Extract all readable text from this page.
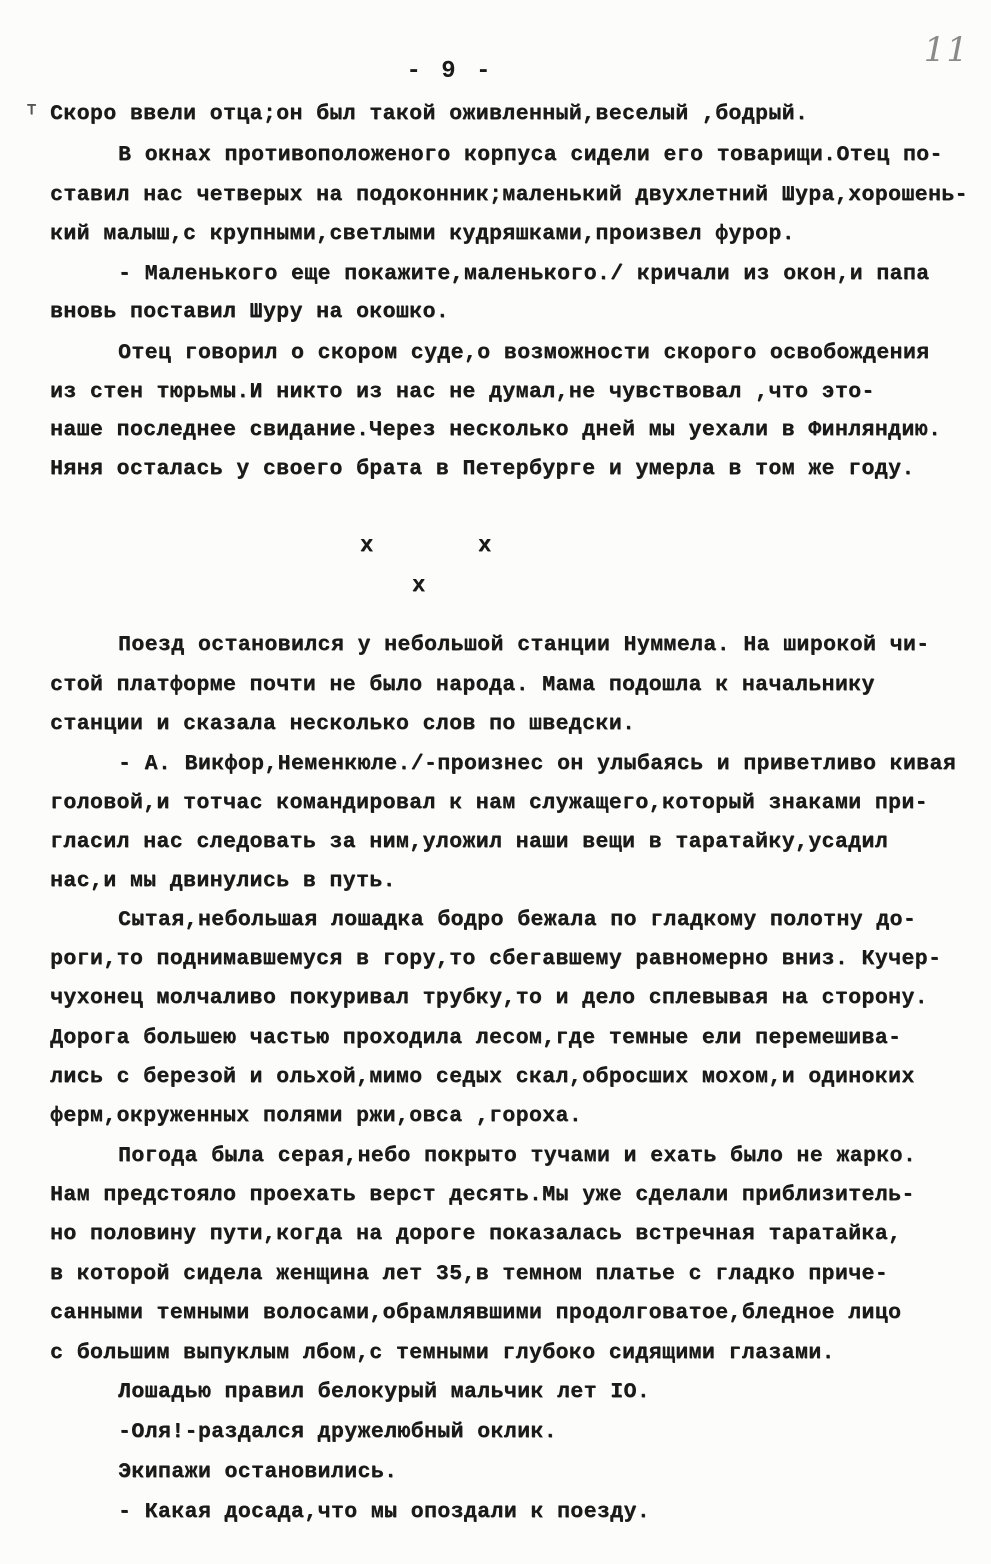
11
- 9 -
т Скоро ввели отца;он был такой оживленный,веселый ,бодрый.
В окнах противоположеного корпуса сидели его товарищи.Отец по-
ставил нас четверых на подоконник;маленький двухлетний Шура,хорошень-
кий малыш,с крупными,светлыми кудряшками,произвел фурор.
- Маленького еще покажите,маленького./ кричали из окон,и папа
вновь поставил Шуру на окошко.
Отец говорил о скором суде,о возможности скорого освобождения
из стен тюрьмы.И никто из нас не думал,не чувствовал ,что это-
наше последнее свидание.Через несколько дней мы уехали в Финляндию.
Няня осталась у своего брата в Петербурге и умерла в том же году.
x	x
x
Поезд остановился у небольшой станции Нуммела. На широкой чи-
стой платформе почти не было народа. Мама подошла к начальнику
станции и сказала несколько слов по шведски.
- А. Викфор,Неменкюле./-произнес он улыбаясь и приветливо кивая
головой,и тотчас командировал к нам служащего,который знаками при-
гласил нас следовать за ним,уложил наши вещи в таратайку,усадил
нас,и мы двинулись в путь.
Сытая,небольшая лошадка бодро бежала по гладкому полотну до-
роги,то поднимавшемуся в гору,то сбегавшему равномерно вниз. Кучер-
чухонец молчаливо покуривал трубку,то и дело сплевывая на сторону.
Дорога большею частью проходила лесом,где темные ели перемешива-
лись с березой и ольхой,мимо седых скал,обросших мохом,и одиноких
ферм,окруженных полями ржи,овса ,гороха.
Погода была серая,небо покрыто тучами и ехать было не жарко.
Нам предстояло проехать верст десять.Мы уже сделали приблизитель-
но половину пути,когда на дороге показалась встречная таратайка,
в которой сидела женщина лет 35,в темном платье с гладко приче-
санными темными волосами,обрамлявшими продолговатое,бледное лицо
с большим выпуклым лбом,с темными глубоко сидящими глазами.
Лошадью правил белокурый мальчик лет IO.
-Оля!-раздался дружелюбный оклик.
Экипажи остановились.
- Какая досада,что мы опоздали к поезду.
